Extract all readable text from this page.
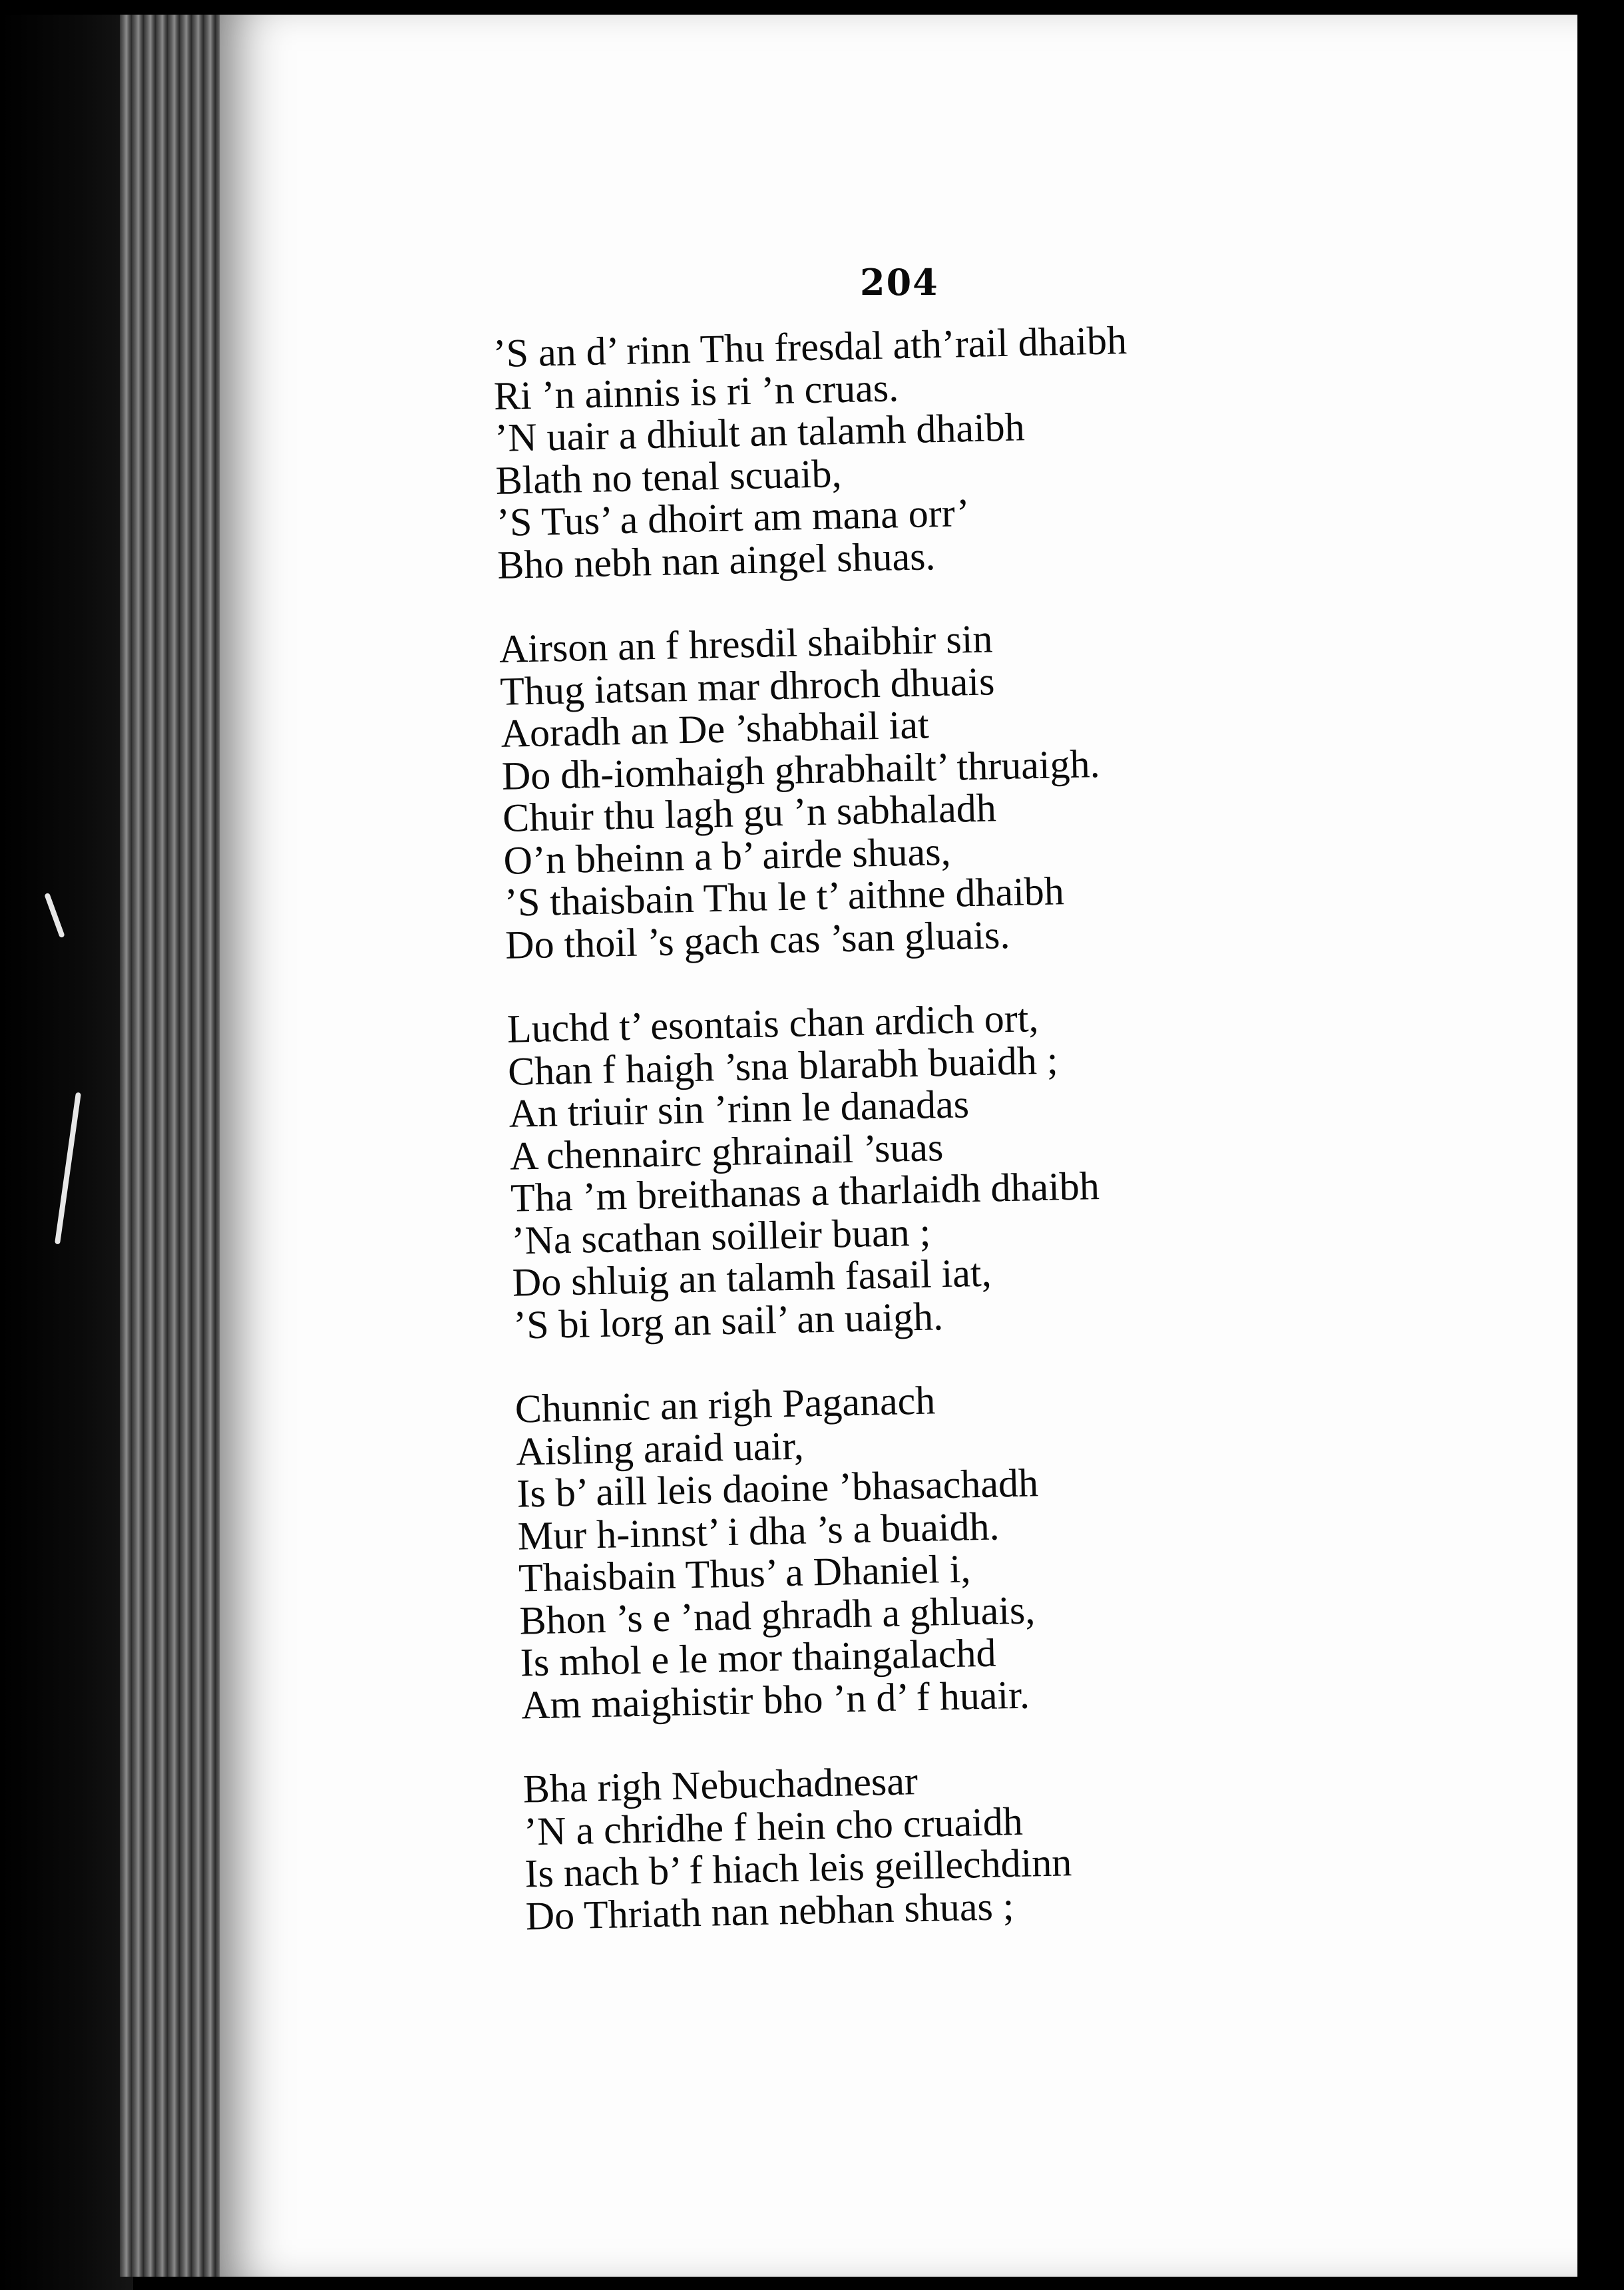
204
’S an d’ rinn Thu fresdal ath’rail dhaibh
Ri ’n ainnis is ri ’n cruas.
’N uair a dhiult an talamh dhaibh
Blath no tenal scuaib,
’S Tus’ a dhoirt am mana orr’
Bho nebh nan aingel shuas.
Airson an f hresdil shaibhir sin
Thug iatsan mar dhroch dhuais
Aoradh an De ’shabhail iat
Do dh-iomhaigh ghrabhailt’ thruaigh.
Chuir thu lagh gu ’n sabhaladh
O’n bheinn a b’ airde shuas,
’S thaisbain Thu le t’ aithne dhaibh
Do thoil ’s gach cas ’san gluais.
Luchd t’ esontais chan ardich ort,
Chan f haigh ’sna blarabh buaidh ;
An triuir sin ’rinn le danadas
A chennairc ghrainail ’suas
Tha ’m breithanas a tharlaidh dhaibh
’Na scathan soilleir buan ;
Do shluig an talamh fasail iat,
’S bi lorg an sail’ an uaigh.
Chunnic an righ Paganach
Aisling araid uair,
Is b’ aill leis daoine ’bhasachadh
Mur h-innst’ i dha ’s a buaidh.
Thaisbain Thus’ a Dhaniel i,
Bhon ’s e ’nad ghradh a ghluais,
Is mhol e le mor thaingalachd
Am maighistir bho ’n d’ f huair.
Bha righ Nebuchadnesar
’N a chridhe f hein cho cruaidh
Is nach b’ f hiach leis geillechdinn
Do Thriath nan nebhan shuas ;
